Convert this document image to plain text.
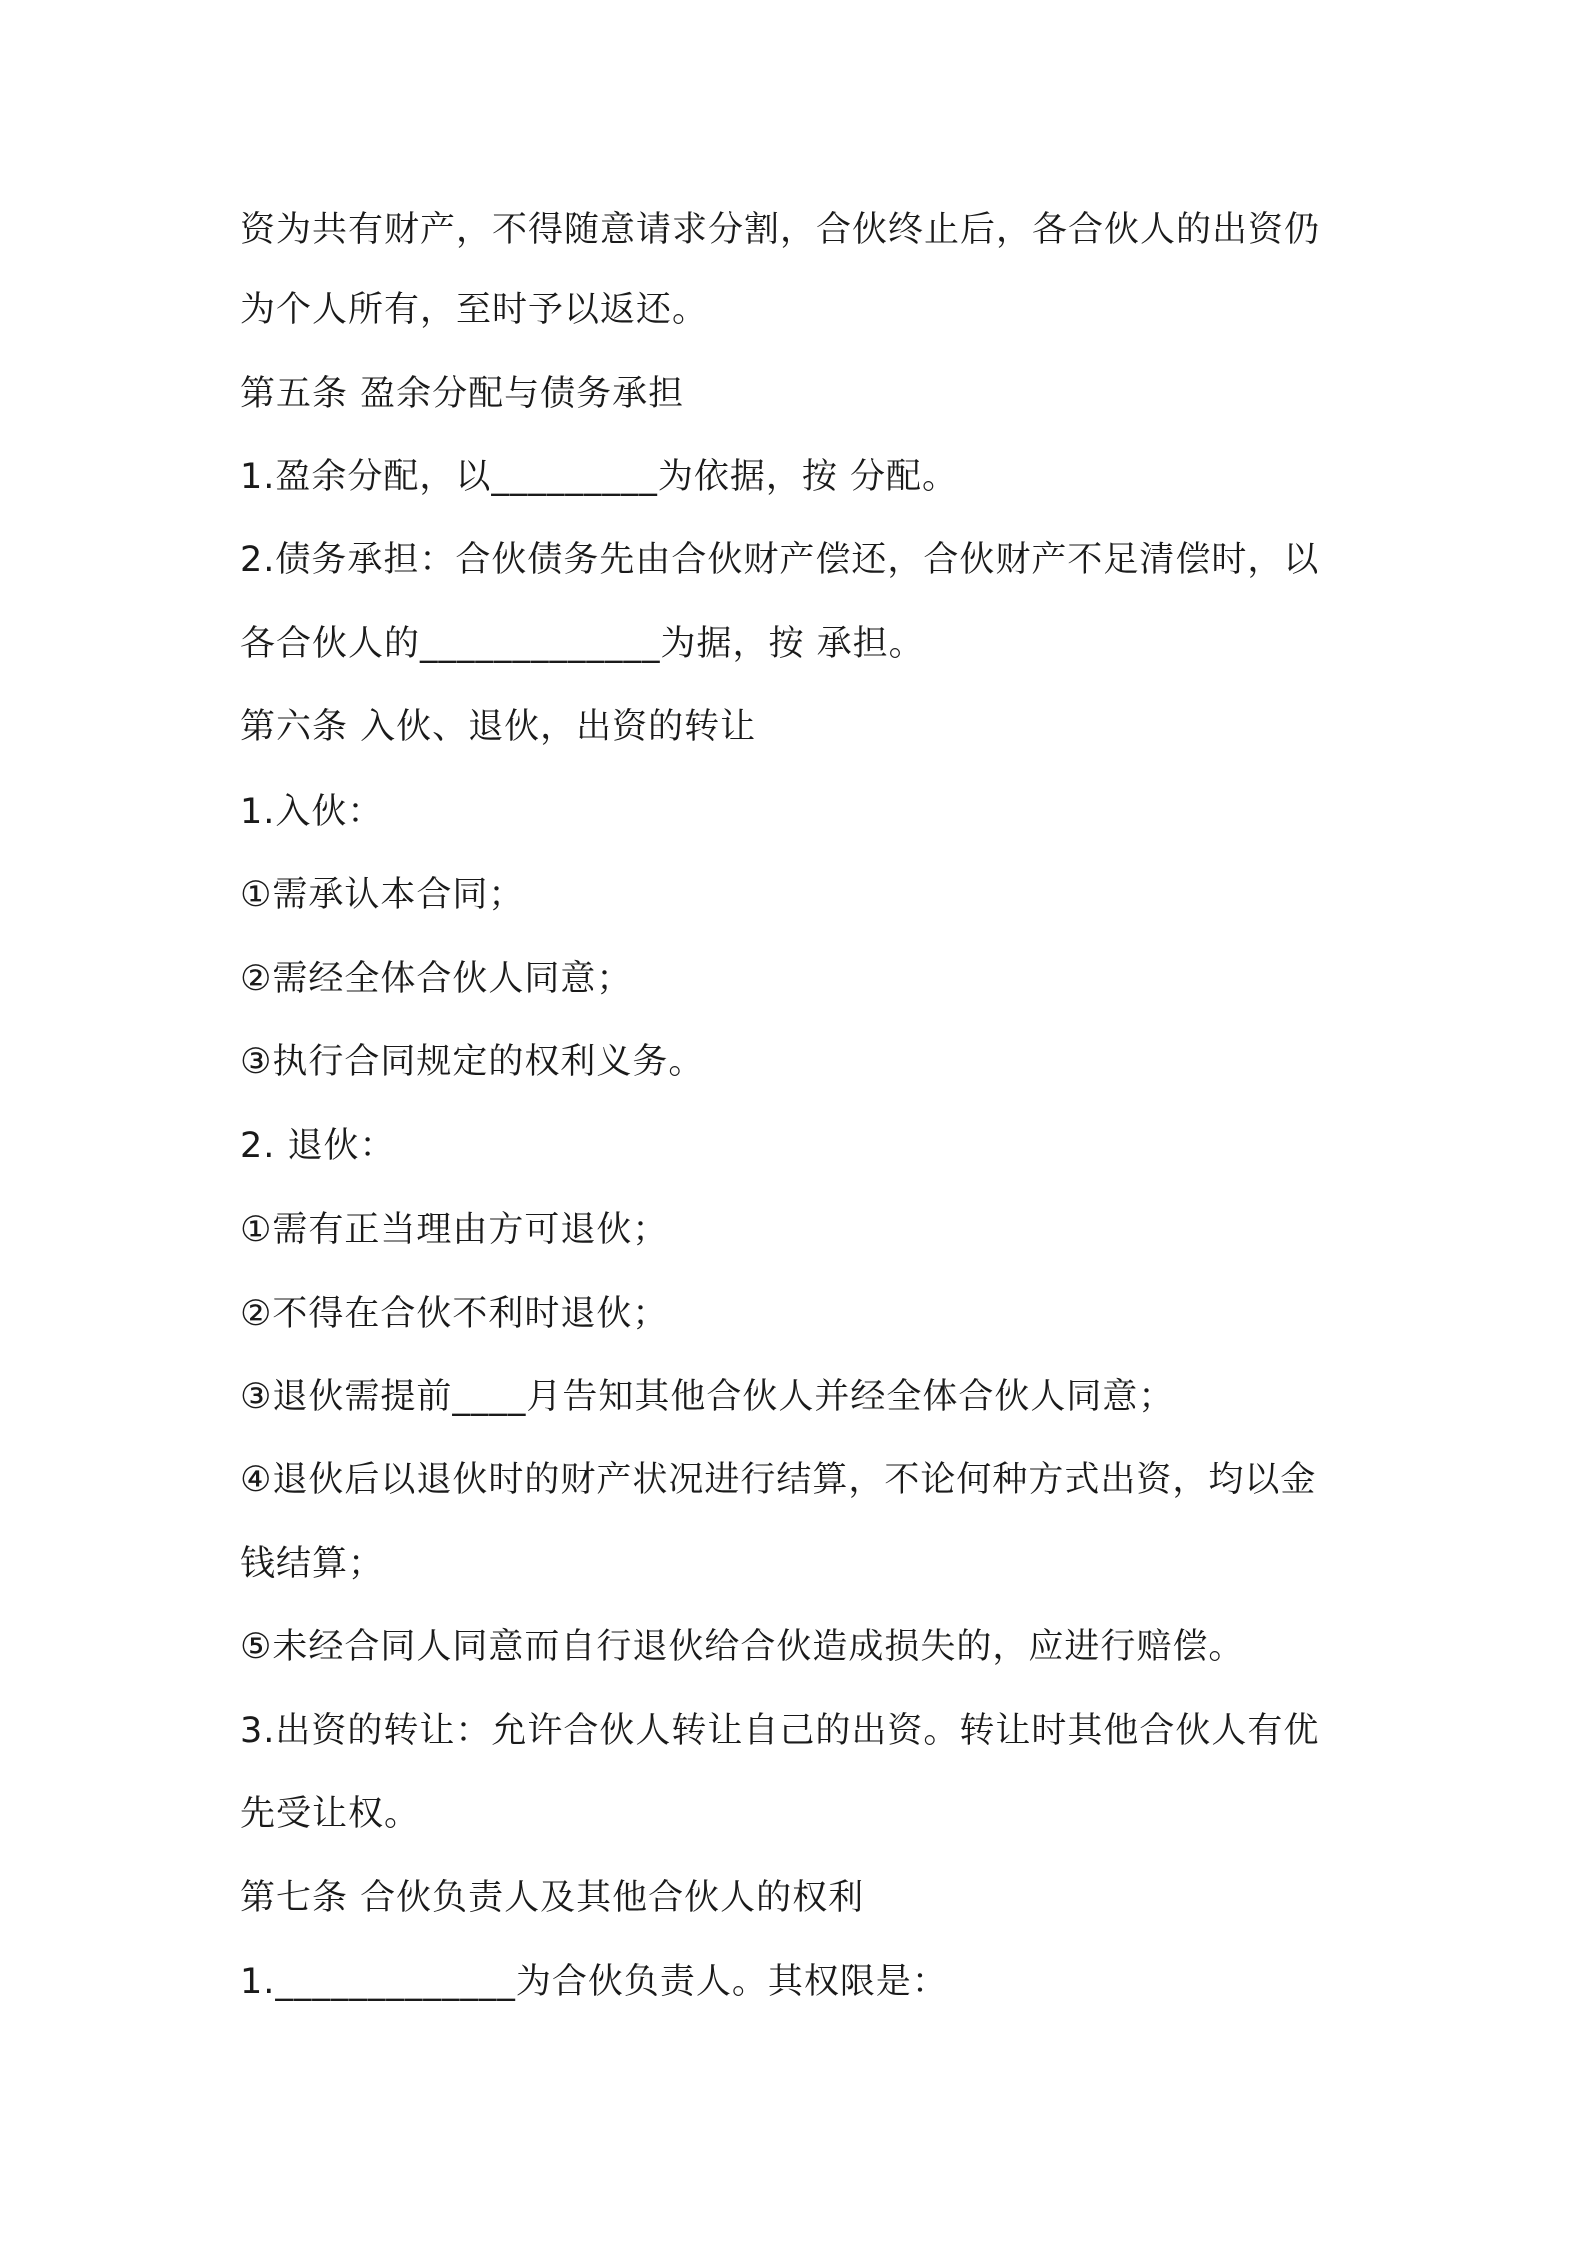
资为共有财产，不得随意请求分割，合伙终止后，各合伙人的出资仍
为个人所有，至时予以返还。
第五条 盈余分配与债务承担
1.盈余分配，以_________为依据，按 分配。
2.债务承担：合伙债务先由合伙财产偿还，合伙财产不足清偿时，以
各合伙人的_____________为据，按 承担。
第六条 入伙、退伙，出资的转让
1.入伙：
①需承认本合同；
②需经全体合伙人同意；
③执行合同规定的权利义务。
2. 退伙：
①需有正当理由方可退伙；
②不得在合伙不利时退伙；
③退伙需提前____月告知其他合伙人并经全体合伙人同意；
④退伙后以退伙时的财产状况进行结算，不论何种方式出资，均以金
钱结算；
⑤未经合同人同意而自行退伙给合伙造成损失的，应进行赔偿。
3.出资的转让：允许合伙人转让自己的出资。转让时其他合伙人有优
先受让权。
第七条 合伙负责人及其他合伙人的权利
1._____________为合伙负责人。其权限是：
